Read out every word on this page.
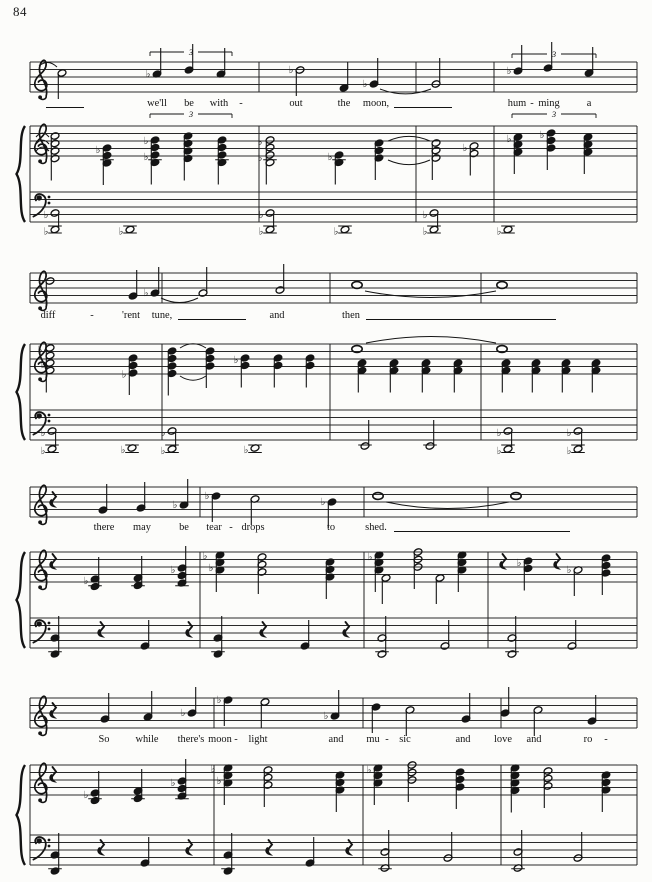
84
3
♭	♭
♭
3
♭
we'll be with -	out	the moon,	hum - ming	a
♭
3
♭
♭
♭
♭	♭
♭
3
♭	♭
♭
♭	♭
♭
♭	♭
♭
♭	♭
♭
♭
diff	-	'rent tune,	and	then
♭
♭
♭
♭
♭
♭	♭
♭
♭	♭
♭
♭
♭
♭
♭
♭
♭
there may	be tear - drops	to	shed.
♭
♭
♭
♭
♭
♭
♭
♭
♭
♭
So while there's moon - light	and mu - sic	and love and	ro -
♭
♭
♭
♭
♭
